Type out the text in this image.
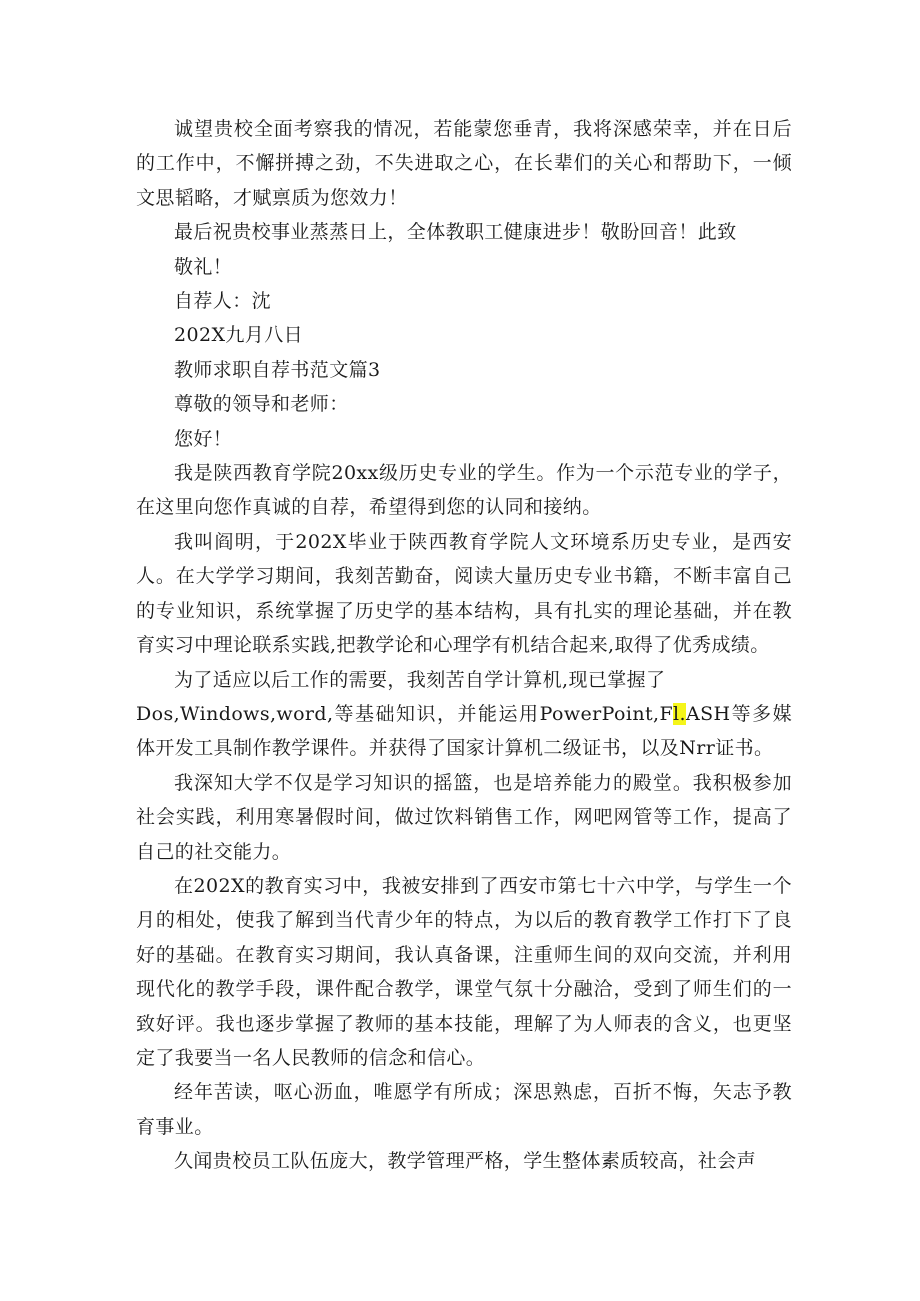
诚望贵校全面考察我的情况，若能蒙您垂青，我将深感荣幸，并在日后的工作中，不懈拼搏之劲，不失进取之心，在长辈们的关心和帮助下，一倾文思韬略，才赋禀质为您效力！

最后祝贵校事业蒸蒸日上，全体教职工健康进步！敬盼回音！此致

敬礼！

自荐人：沈

202X九月八日

教师求职自荐书范文篇3

尊敬的领导和老师：

您好！

我是陕西教育学院20xx级历史专业的学生。作为一个示范专业的学子，在这里向您作真诚的自荐，希望得到您的认同和接纳。

我叫阎明，于202X毕业于陕西教育学院人文环境系历史专业，是西安人。在大学学习期间，我刻苦勤奋，阅读大量历史专业书籍，不断丰富自己的专业知识，系统掌握了历史学的基本结构，具有扎实的理论基础，并在教育实习中理论联系实践,把教学论和心理学有机结合起来,取得了优秀成绩。

为了适应以后工作的需要，我刻苦自学计算机,现已掌握了

Dos,Windows,word,等基础知识，并能运用PowerPoint,Fl.ASH等多媒体开发工具制作教学课件。并获得了国家计算机二级证书，以及Nrr证书。

我深知大学不仅是学习知识的摇篮，也是培养能力的殿堂。我积极参加社会实践，利用寒暑假时间，做过饮料销售工作，网吧网管等工作，提高了自己的社交能力。

在202X的教育实习中，我被安排到了西安市第七十六中学，与学生一个月的相处，使我了解到当代青少年的特点，为以后的教育教学工作打下了良好的基础。在教育实习期间，我认真备课，注重师生间的双向交流，并利用现代化的教学手段，课件配合教学，课堂气氛十分融洽，受到了师生们的一致好评。我也逐步掌握了教师的基本技能，理解了为人师表的含义，也更坚定了我要当一名人民教师的信念和信心。

经年苦读，呕心沥血，唯愿学有所成；深思熟虑，百折不悔，矢志予教育事业。

久闻贵校员工队伍庞大，教学管理严格，学生整体素质较高，社会声
